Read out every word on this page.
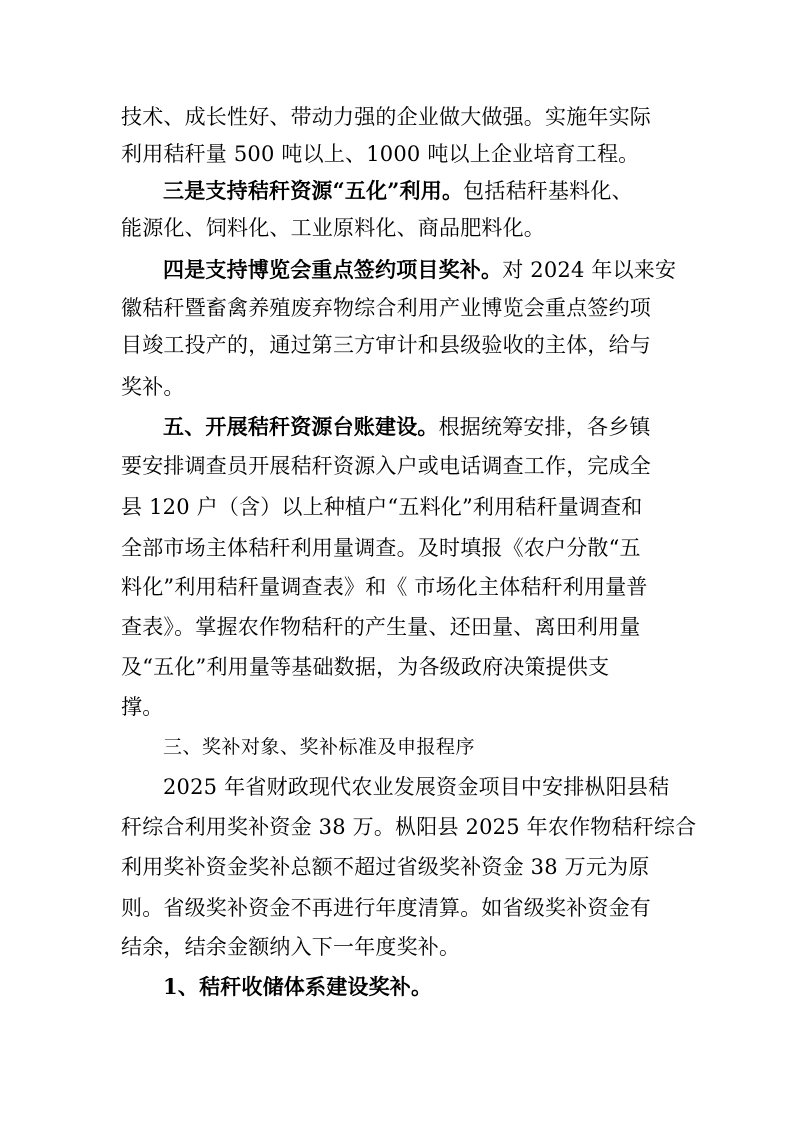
技术、成长性好、带动力强的企业做大做强。实施年实际
利用秸秆量 500 吨以上、1000 吨以上企业培育工程。
三是支持秸秆资源“五化”利用。包括秸秆基料化、
能源化、饲料化、工业原料化、商品肥料化。
四是支持博览会重点签约项目奖补。对 2024 年以来安
徽秸秆暨畜禽养殖废弃物综合利用产业博览会重点签约项
目竣工投产的，通过第三方审计和县级验收的主体，给与
奖补。
五、开展秸秆资源台账建设。根据统筹安排，各乡镇
要安排调查员开展秸秆资源入户或电话调查工作，完成全
县 120 户（含）以上种植户“五料化”利用秸秆量调查和
全部市场主体秸秆利用量调查。及时填报《农户分散“五
料化”利用秸秆量调查表》和《 市场化主体秸秆利用量普
查表》。掌握农作物秸秆的产生量、还田量、离田利用量
及“五化”利用量等基础数据，为各级政府决策提供支
撑。
三、奖补对象、奖补标准及申报程序
2025 年省财政现代农业发展资金项目中安排枞阳县秸
秆综合利用奖补资金 38 万。枞阳县 2025 年农作物秸秆综合
利用奖补资金奖补总额不超过省级奖补资金 38 万元为原
则。省级奖补资金不再进行年度清算。如省级奖补资金有
结余，结余金额纳入下一年度奖补。
1、秸秆收储体系建设奖补。
